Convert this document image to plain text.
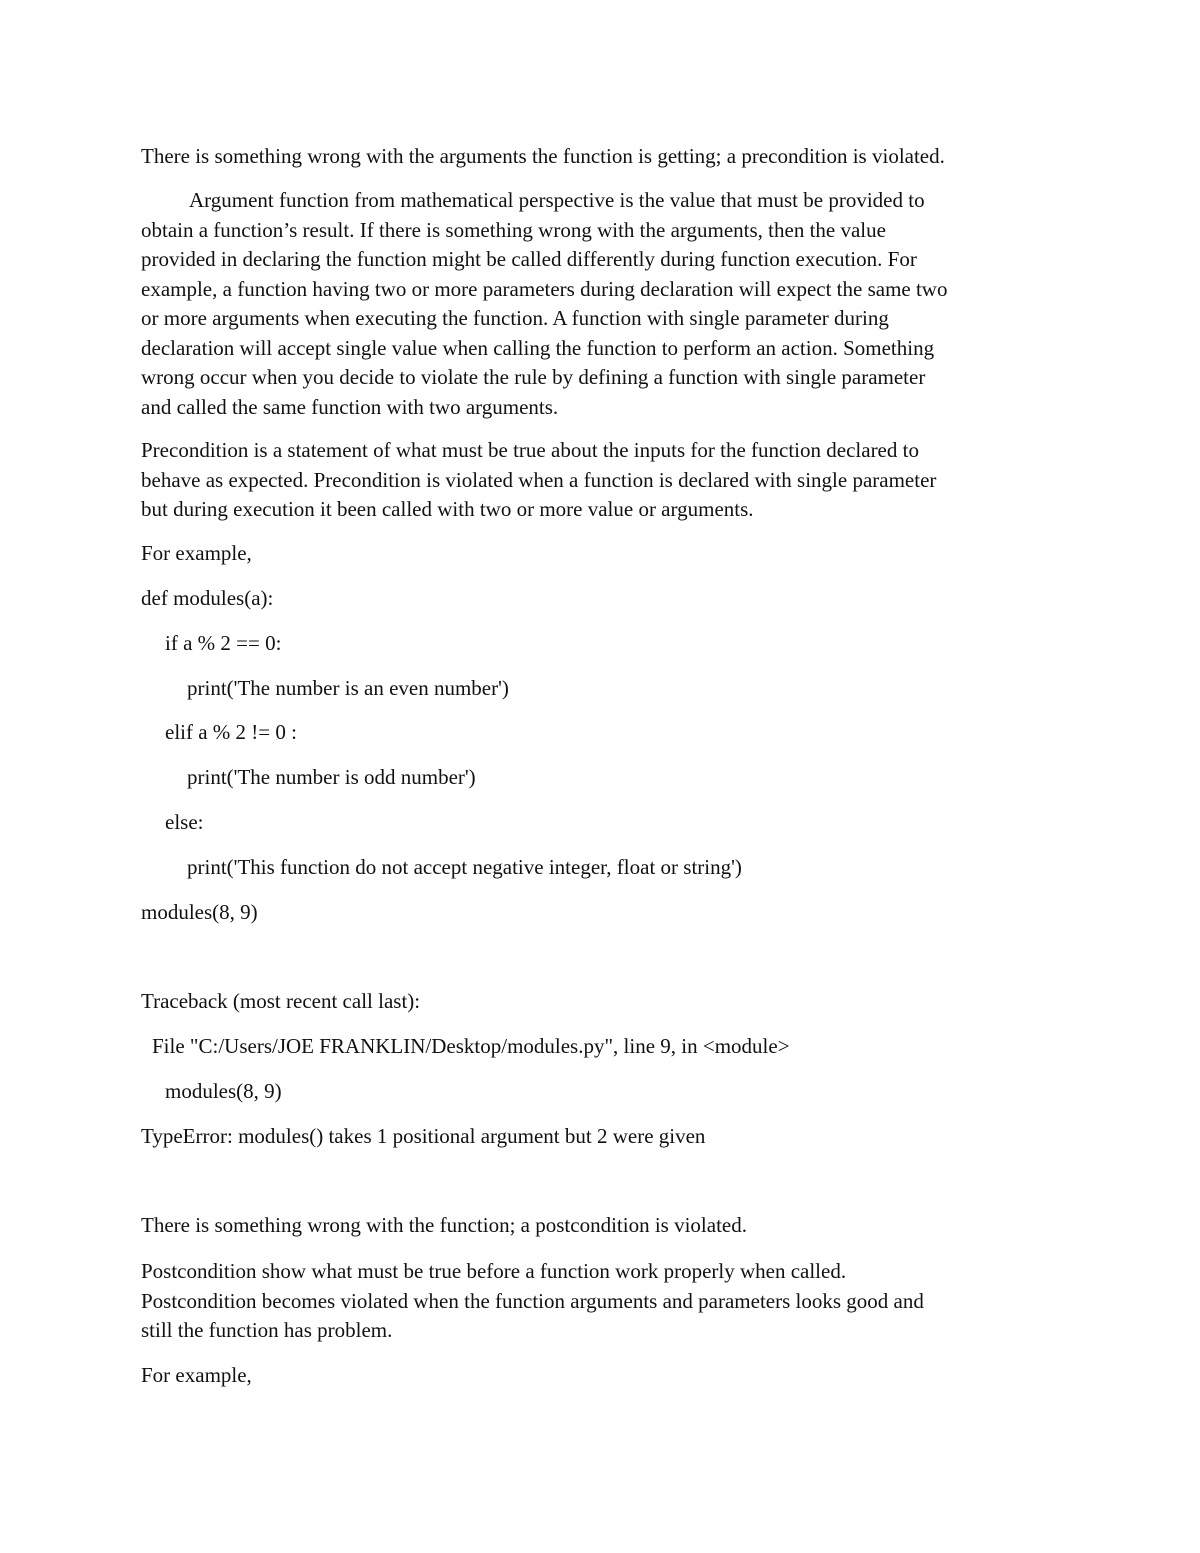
There is something wrong with the arguments the function is getting; a precondition is violated.

Argument function from mathematical perspective is the value that must be provided to
obtain a function’s result. If there is something wrong with the arguments, then the value
provided in declaring the function might be called differently during function execution. For
example, a function having two or more parameters during declaration will expect the same two
or more arguments when executing the function. A function with single parameter during
declaration will accept single value when calling the function to perform an action. Something
wrong occur when you decide to violate the rule by defining a function with single parameter
and called the same function with two arguments.
Precondition is a statement of what must be true about the inputs for the function declared to
behave as expected. Precondition is violated when a function is declared with single parameter
but during execution it been called with two or more value or arguments.

For example,

def modules(a):

if a % 2 == 0:

print('The number is an even number')

elif a % 2 != 0 :

print('The number is odd number')

else:

print('This function do not accept negative integer, float or string')

modules(8, 9)

Traceback (most recent call last):

File "C:/Users/JOE FRANKLIN/Desktop/modules.py", line 9, in <module>

modules(8, 9)

TypeError: modules() takes 1 positional argument but 2 were given

There is something wrong with the function; a postcondition is violated.

Postcondition show what must be true before a function work properly when called.
Postcondition becomes violated when the function arguments and parameters looks good and
still the function has problem.

For example,
